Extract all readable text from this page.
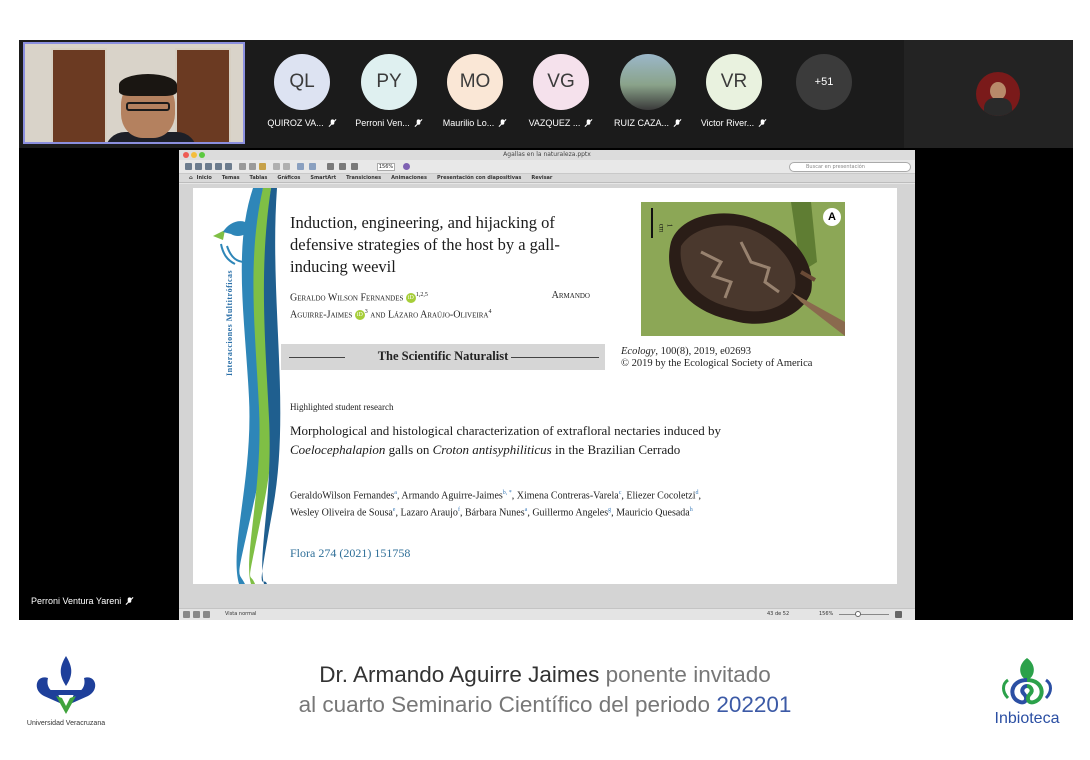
QL
QUIROZ VA...
PY
Perroni Ven...
MO
Maurilio Lo...
VG
VAZQUEZ ...	RUIZ CAZA...
VR
Victor River...
+51
Agallas en la naturaleza.pptx
156%	Buscar en presentación
⌂ Inicio Temas Tablas Gráficos SmartArt Transiciones Animaciones Presentación con diapositivas Revisar
Interacciones Multitróficas
Induction, engineering, and hijacking of defensive strategies of the host by a gall-inducing weevil
Geraldo Wilson Fernandes iD$^{1,2,5}$	Armando
Aguirre-Jaimes $iD^3$ and Lázaro Araújo-Oliveira$^4$
The Scientific Naturalist
1 cm
A
Ecology, 100(8), 2019, e02693
© 2019 by the Ecological Society of America
Highlighted student research
Morphological and histological characterization of extrafloral nectaries induced by Coelocephalapion galls on Croton antisyphiliticus in the Brazilian Cerrado
GeraldoWilson Fernandes$^a$, Armando Aguirre-Jaimes$^{b, *}$, Ximena Contreras-Varela$^c$, Eliezer Cocoletzi$^d$, Wesley Oliveira de Sousa$^e$, Lazaro Araujo$^f$, Bárbara Nunes$^a$, Guillermo Angeles$^g$, Mauricio Quesada$^h$
Flora 274 (2021) 151758
Vista normal	43 de 52	156%
Perroni Ventura Yareni
Universidad Veracruzana
Dr. Armando Aguirre Jaimes ponente invitado
al cuarto Seminario Científico del periodo 202201
Inbioteca
